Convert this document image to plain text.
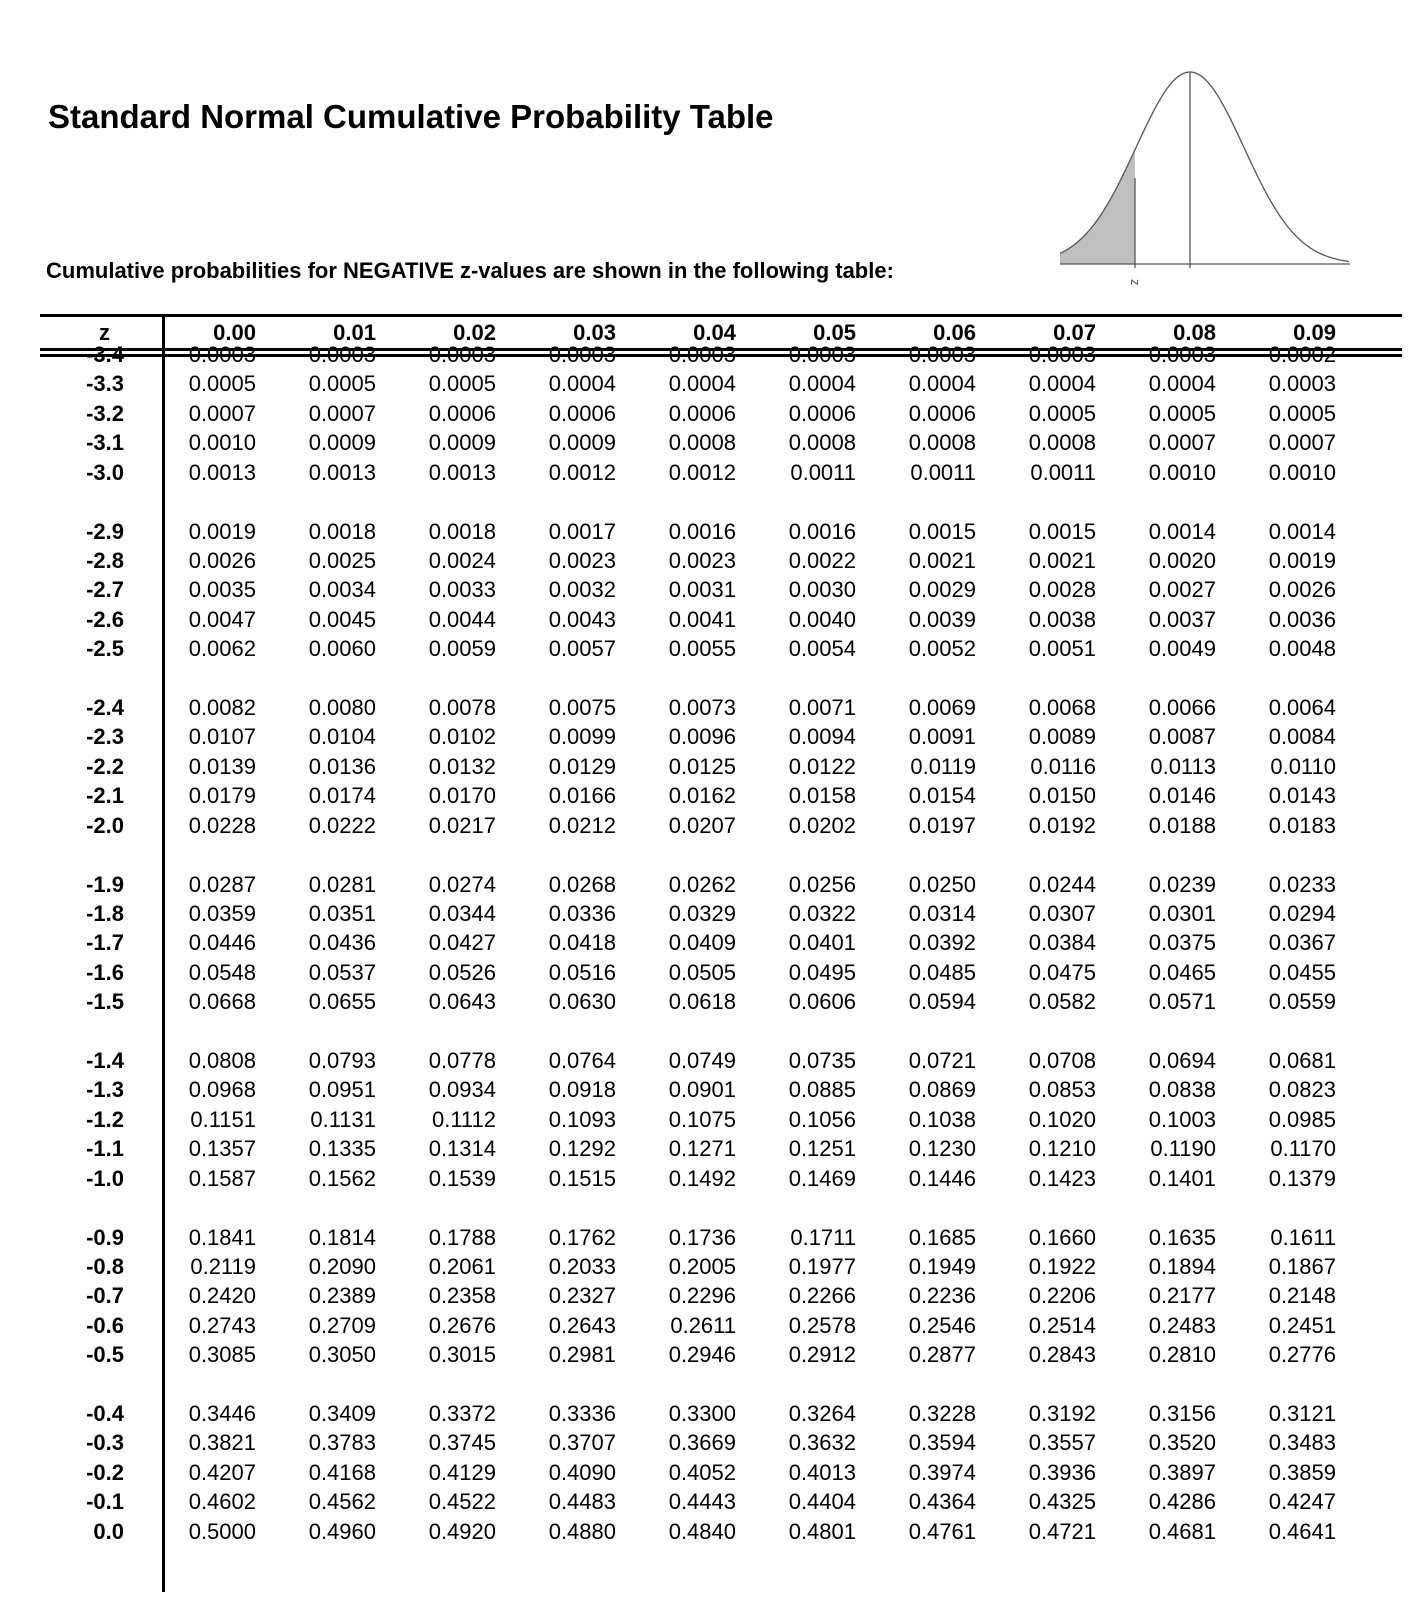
Standard Normal Cumulative Probability Table

Cumulative probabilities for NEGATIVE z-values are shown in the following table:	z
z	0.00	0.01	0.02	0.03	0.04	0.05	0.06	0.07	0.08	0.09
-3.4	0.0003	0.0003	0.0003	0.0003	0.0003	0.0003	0.0003	0.0003	0.0003	0.0002
-3.3	0.0005	0.0005	0.0005	0.0004	0.0004	0.0004	0.0004	0.0004	0.0004	0.0003
-3.2	0.0007	0.0007	0.0006	0.0006	0.0006	0.0006	0.0006	0.0005	0.0005	0.0005
-3.1	0.0010	0.0009	0.0009	0.0009	0.0008	0.0008	0.0008	0.0008	0.0007	0.0007
-3.0	0.0013	0.0013	0.0013	0.0012	0.0012	0.0011	0.0011	0.0011	0.0010	0.0010
-2.9	0.0019	0.0018	0.0018	0.0017	0.0016	0.0016	0.0015	0.0015	0.0014	0.0014
-2.8	0.0026	0.0025	0.0024	0.0023	0.0023	0.0022	0.0021	0.0021	0.0020	0.0019
-2.7	0.0035	0.0034	0.0033	0.0032	0.0031	0.0030	0.0029	0.0028	0.0027	0.0026
-2.6	0.0047	0.0045	0.0044	0.0043	0.0041	0.0040	0.0039	0.0038	0.0037	0.0036
-2.5	0.0062	0.0060	0.0059	0.0057	0.0055	0.0054	0.0052	0.0051	0.0049	0.0048
-2.4	0.0082	0.0080	0.0078	0.0075	0.0073	0.0071	0.0069	0.0068	0.0066	0.0064
-2.3	0.0107	0.0104	0.0102	0.0099	0.0096	0.0094	0.0091	0.0089	0.0087	0.0084
-2.2	0.0139	0.0136	0.0132	0.0129	0.0125	0.0122	0.0119	0.0116	0.0113	0.0110
-2.1	0.0179	0.0174	0.0170	0.0166	0.0162	0.0158	0.0154	0.0150	0.0146	0.0143
-2.0	0.0228	0.0222	0.0217	0.0212	0.0207	0.0202	0.0197	0.0192	0.0188	0.0183
-1.9	0.0287	0.0281	0.0274	0.0268	0.0262	0.0256	0.0250	0.0244	0.0239	0.0233
-1.8	0.0359	0.0351	0.0344	0.0336	0.0329	0.0322	0.0314	0.0307	0.0301	0.0294
-1.7	0.0446	0.0436	0.0427	0.0418	0.0409	0.0401	0.0392	0.0384	0.0375	0.0367
-1.6	0.0548	0.0537	0.0526	0.0516	0.0505	0.0495	0.0485	0.0475	0.0465	0.0455
-1.5	0.0668	0.0655	0.0643	0.0630	0.0618	0.0606	0.0594	0.0582	0.0571	0.0559
-1.4	0.0808	0.0793	0.0778	0.0764	0.0749	0.0735	0.0721	0.0708	0.0694	0.0681
-1.3	0.0968	0.0951	0.0934	0.0918	0.0901	0.0885	0.0869	0.0853	0.0838	0.0823
-1.2	0.1151	0.1131	0.1112	0.1093	0.1075	0.1056	0.1038	0.1020	0.1003	0.0985
-1.1	0.1357	0.1335	0.1314	0.1292	0.1271	0.1251	0.1230	0.1210	0.1190	0.1170
-1.0	0.1587	0.1562	0.1539	0.1515	0.1492	0.1469	0.1446	0.1423	0.1401	0.1379
-0.9	0.1841	0.1814	0.1788	0.1762	0.1736	0.1711	0.1685	0.1660	0.1635	0.1611
-0.8	0.2119	0.2090	0.2061	0.2033	0.2005	0.1977	0.1949	0.1922	0.1894	0.1867
-0.7	0.2420	0.2389	0.2358	0.2327	0.2296	0.2266	0.2236	0.2206	0.2177	0.2148
-0.6	0.2743	0.2709	0.2676	0.2643	0.2611	0.2578	0.2546	0.2514	0.2483	0.2451
-0.5	0.3085	0.3050	0.3015	0.2981	0.2946	0.2912	0.2877	0.2843	0.2810	0.2776
-0.4	0.3446	0.3409	0.3372	0.3336	0.3300	0.3264	0.3228	0.3192	0.3156	0.3121
-0.3	0.3821	0.3783	0.3745	0.3707	0.3669	0.3632	0.3594	0.3557	0.3520	0.3483
-0.2	0.4207	0.4168	0.4129	0.4090	0.4052	0.4013	0.3974	0.3936	0.3897	0.3859
-0.1	0.4602	0.4562	0.4522	0.4483	0.4443	0.4404	0.4364	0.4325	0.4286	0.4247
0.0	0.5000	0.4960	0.4920	0.4880	0.4840	0.4801	0.4761	0.4721	0.4681	0.4641
